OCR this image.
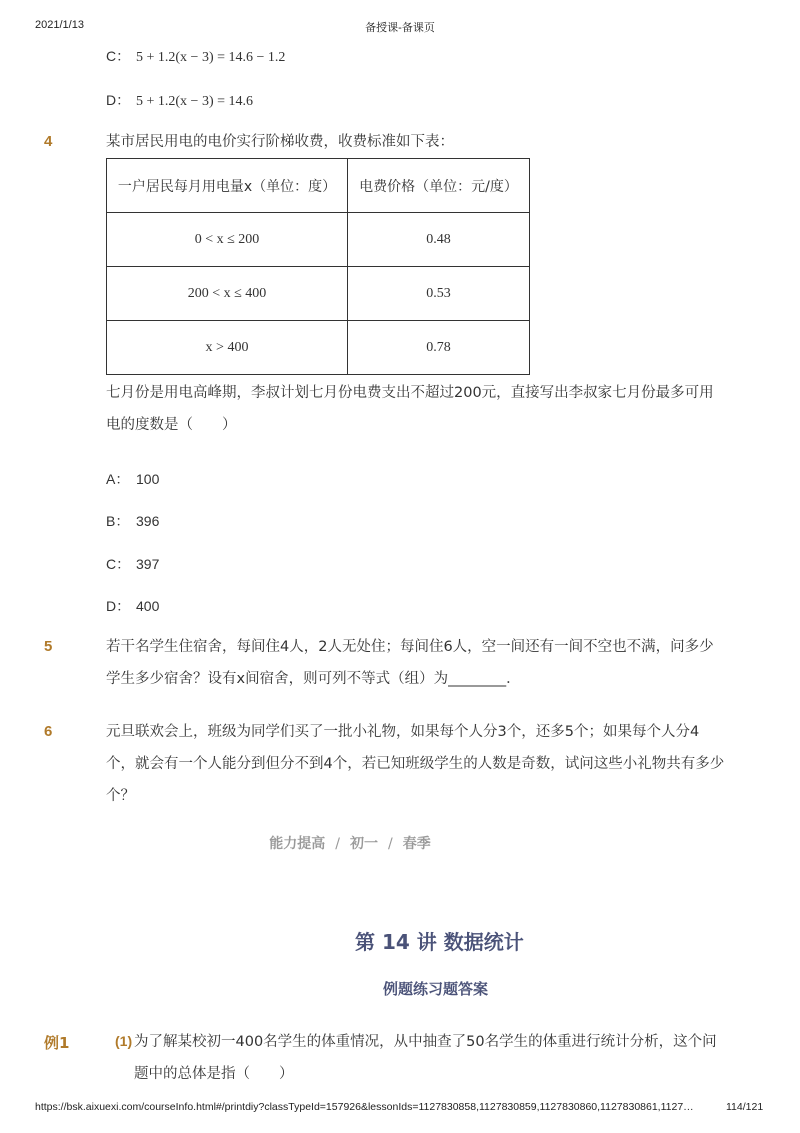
2021/1/13	备授课-备课页
C： 5 + 1.2(x − 3) = 14.6 − 1.2
D： 5 + 1.2(x − 3) = 14.6
4	某市居民用电的电价实行阶梯收费，收费标准如下表：
一户居民每月用电量x（单位：度）	电费价格（单位：元/度）
0 < x ≤ 200	0.48
200 < x ≤ 400	0.53
x > 400	0.78
七月份是用电高峰期，李叔计划七月份电费支出不超过200元，直接写出李叔家七月份最多可用电的度数是（　　）
A： 100
B： 396
C： 397
D： 400
5	若干名学生住宿舍，每间住4人，2人无处住；每间住6人，空一间还有一间不空也不满，问多少学生多少宿舍？设有x间宿舍，则可列不等式（组）为________．
6	元旦联欢会上，班级为同学们买了一批小礼物，如果每个人分3个，还多5个；如果每个人分4个，就会有一个人能分到但分不到4个，若已知班级学生的人数是奇数，试问这些小礼物共有多少个？
能力提高 / 初一 / 春季
第 14 讲 数据统计
例题练习题答案
例1	(1) 为了解某校初一400名学生的体重情况，从中抽查了50名学生的体重进行统计分析，这个问题中的总体是指（　　）
https://bsk.aixuexi.com/courseInfo.html#/printdiy?classTypeId=157926&lessonIds=1127830858,1127830859,1127830860,1127830861,1127…	114/121
